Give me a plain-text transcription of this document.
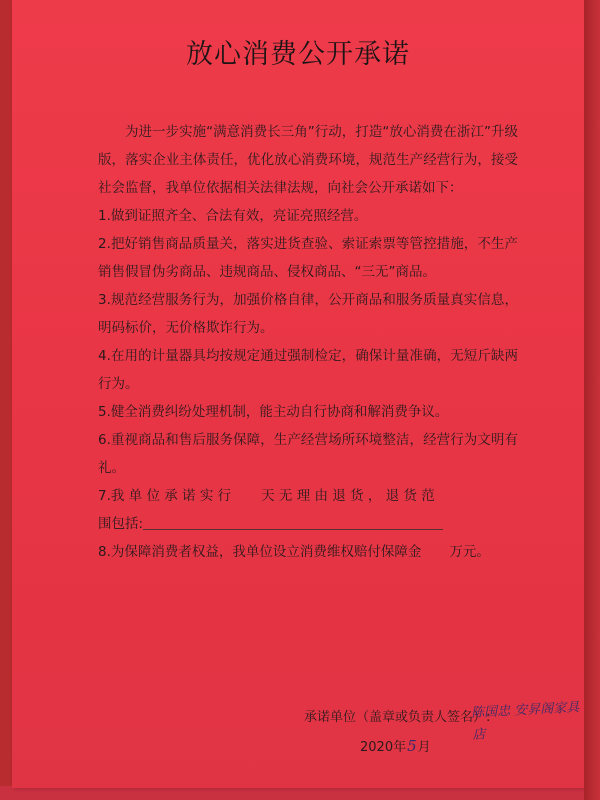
放心消费公开承诺

为进一步实施“满意消费长三角”行动，打造“放心消费在浙江”升级版，落实企业主体责任，优化放心消费环境，规范生产经营行为，接受社会监督，我单位依据相关法律法规，向社会公开承诺如下：

1.做到证照齐全、合法有效，亮证亮照经营。

2.把好销售商品质量关，落实进货查验、索证索票等管控措施，不生产销售假冒伪劣商品、违规商品、侵权商品、“三无”商品。

3.规范经营服务行为，加强价格自律，公开商品和服务质量真实信息，明码标价，无价格欺诈行为。

4.在用的计量器具均按规定通过强制检定，确保计量准确，无短斤缺两行为。

5.健全消费纠纷处理机制，能主动自行协商和解消费争议。

6.重视商品和售后服务保障，生产经营场所环境整洁，经营行为文明有礼。

7.我 单 位 承 诺 实 行 天 无 理 由 退 货 ， 退 货 范
围包括:

8.为保障消费者权益，我单位设立消费维权赔付保障金 万元。

承诺单位（盖章或负责人签名）:
陈国忠 安昇阁家具店
2020年5月
